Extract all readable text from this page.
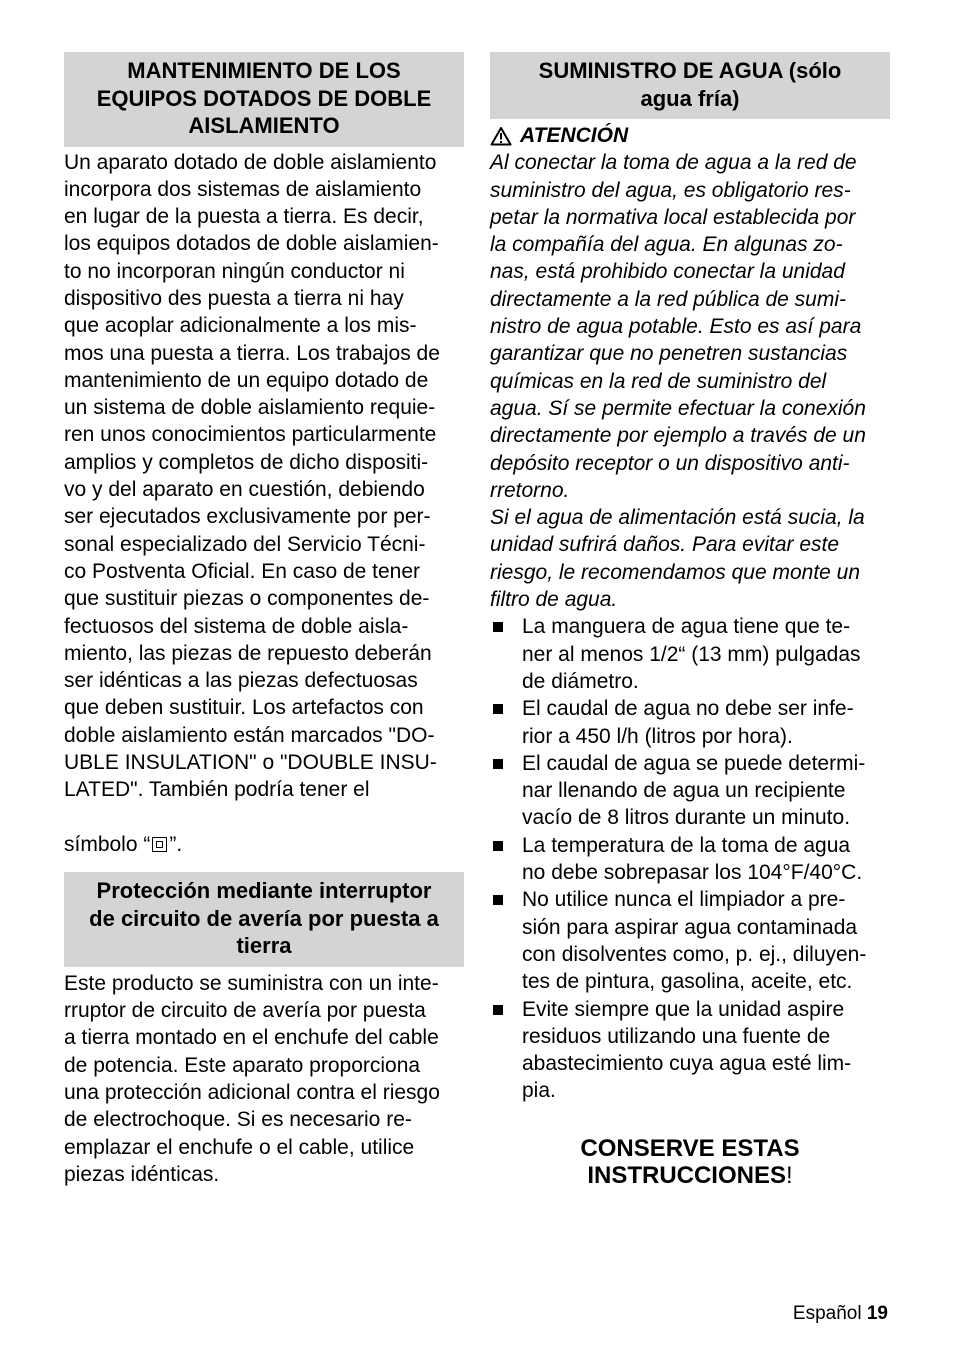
MANTENIMIENTO DE LOS
EQUIPOS DOTADOS DE DOBLE
AISLAMIENTO

Un aparato dotado de doble aislamiento
incorpora dos sistemas de aislamiento
en lugar de la puesta a tierra. Es decir,
los equipos dotados de doble aislamien-
to no incorporan ningún conductor ni
dispositivo des puesta a tierra ni hay
que acoplar adicionalmente a los mis-
mos una puesta a tierra. Los trabajos de
mantenimiento de un equipo dotado de
un sistema de doble aislamiento requie-
ren unos conocimientos particularmente
amplios y completos de dicho dispositi-
vo y del aparato en cuestión, debiendo
ser ejecutados exclusivamente por per-
sonal especializado del Servicio Técni-
co Postventa Oficial. En caso de tener
que sustituir piezas o componentes de-
fectuosos del sistema de doble aisla-
miento, las piezas de repuesto deberán
ser idénticas a las piezas defectuosas
que deben sustituir. Los artefactos con
doble aislamiento están marcados "DO-
UBLE INSULATION" o "DOUBLE INSU-
LATED". También podría tener el

símbolo “ ”.

Protección mediante interruptor
de circuito de avería por puesta a
tierra

Este producto se suministra con un inte-
rruptor de circuito de avería por puesta
a tierra montado en el enchufe del cable
de potencia. Este aparato proporciona
una protección adicional contra el riesgo
de electrochoque. Si es necesario re-
emplazar el enchufe o el cable, utilice
piezas idénticas.

SUMINISTRO DE AGUA (sólo
agua fría)
ATENCIÓN

Al conectar la toma de agua a la red de
suministro del agua, es obligatorio res-
petar la normativa local establecida por
la compañía del agua. En algunas zo-
nas, está prohibido conectar la unidad
directamente a la red pública de sumi-
nistro de agua potable. Esto es así para
garantizar que no penetren sustancias
químicas en la red de suministro del
agua. Sí se permite efectuar la conexión
directamente por ejemplo a través de un
depósito receptor o un dispositivo anti-
rretorno.

Si el agua de alimentación está sucia, la
unidad sufrirá daños. Para evitar este
riesgo, le recomendamos que monte un
filtro de agua.

La manguera de agua tiene que te-
ner al menos 1/2“ (13 mm) pulgadas
de diámetro.
El caudal de agua no debe ser infe-
rior a 450 l/h (litros por hora).
El caudal de agua se puede determi-
nar llenando de agua un recipiente
vacío de 8 litros durante un minuto.
La temperatura de la toma de agua
no debe sobrepasar los 104°F/40°C.
No utilice nunca el limpiador a pre-
sión para aspirar agua contaminada
con disolventes como, p. ej., diluyen-
tes de pintura, gasolina, aceite, etc.
Evite siempre que la unidad aspire
residuos utilizando una fuente de
abastecimiento cuya agua esté lim-
pia.
CONSERVE ESTAS
INSTRUCCIONES!
Español 19
